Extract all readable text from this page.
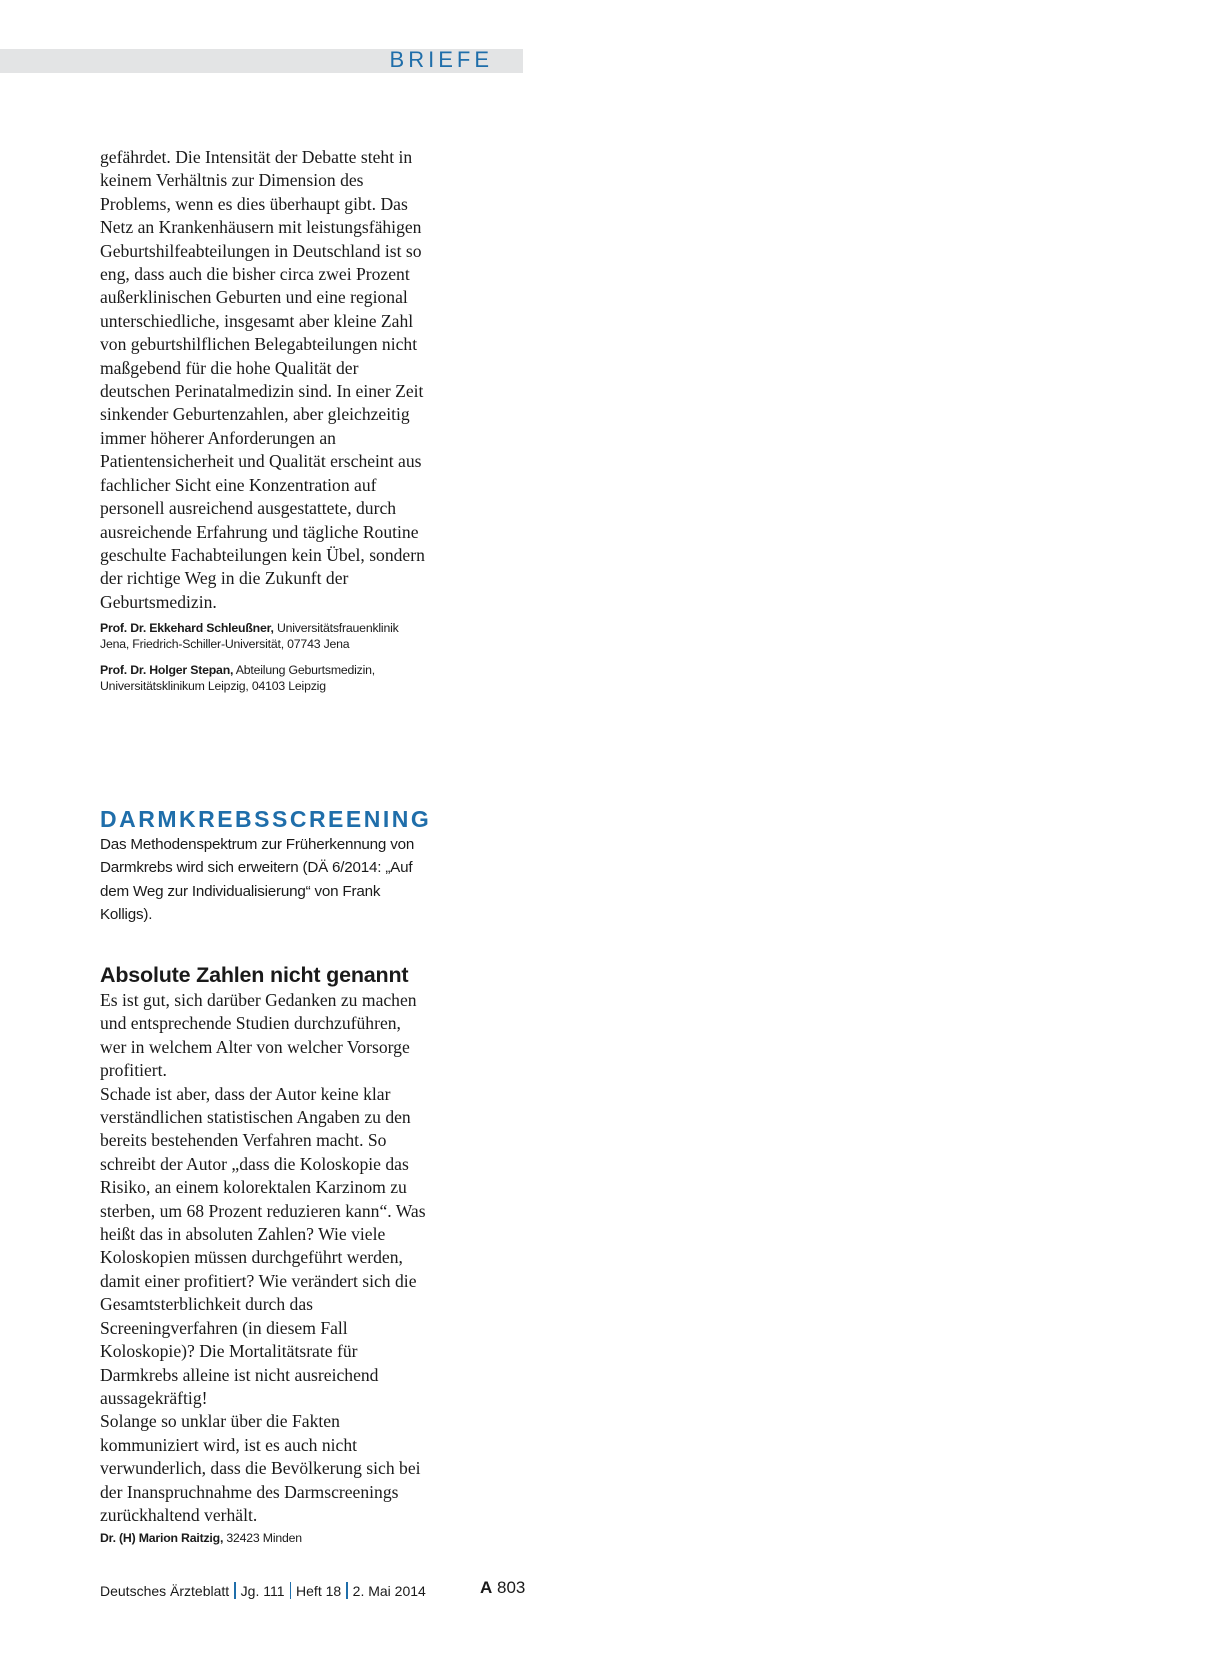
BRIEFE

gefährdet. Die Intensität der Debatte steht in keinem Verhältnis zur Dimension des Problems, wenn es dies überhaupt gibt. Das Netz an Krankenhäusern mit leistungsfähigen Geburtshilfeabteilungen in Deutschland ist so eng, dass auch die bisher circa zwei Prozent außerklinischen Geburten und eine regional unterschiedliche, insgesamt aber kleine Zahl von geburtshilflichen Belegabteilungen nicht maßgebend für die hohe Qualität der deutschen Perinatalmedizin sind. In einer Zeit sinkender Geburtenzahlen, aber gleichzeitig immer höherer Anforderungen an Patientensicherheit und Qualität erscheint aus fachlicher Sicht eine Konzentration auf personell ausreichend ausgestattete, durch ausreichende Erfahrung und tägliche Routine geschulte Fachabteilungen kein Übel, sondern der richtige Weg in die Zukunft der Geburtsmedizin.

Prof. Dr. Ekkehard Schleußner, Universitätsfrauenklinik Jena, Friedrich-Schiller-Universität, 07743 Jena

Prof. Dr. Holger Stepan, Abteilung Geburtsmedizin, Universitätsklinikum Leipzig, 04103 Leipzig

DARMKREBSSCREENING

Das Methodenspektrum zur Früherkennung von Darmkrebs wird sich erweitern (DÄ 6/2014: „Auf dem Weg zur Individualisierung“ von Frank Kolligs).

Absolute Zahlen nicht genannt

Es ist gut, sich darüber Gedanken zu machen und entsprechende Studien durchzuführen, wer in welchem Alter von welcher Vorsorge profitiert.

Schade ist aber, dass der Autor keine klar verständlichen statistischen Angaben zu den bereits bestehenden Verfahren macht. So schreibt der Autor „dass die Koloskopie das Risiko, an einem kolorektalen Karzinom zu sterben, um 68 Prozent reduzieren kann“. Was heißt das in absoluten Zahlen? Wie viele Koloskopien müssen durchgeführt werden, damit einer profitiert? Wie verändert sich die Gesamtsterblichkeit durch das Screeningverfahren (in diesem Fall Koloskopie)? Die Mortalitätsrate für Darmkrebs alleine ist nicht ausreichend aussagekräftig!

Solange so unklar über die Fakten kommuniziert wird, ist es auch nicht verwunderlich, dass die Bevölkerung sich bei der Inanspruchnahme des Darmscreenings zurückhaltend verhält.

Dr. (H) Marion Raitzig, 32423 Minden

Deutsches Ärzteblatt Jg. 111 Heft 18 2. Mai 2014	A 803
